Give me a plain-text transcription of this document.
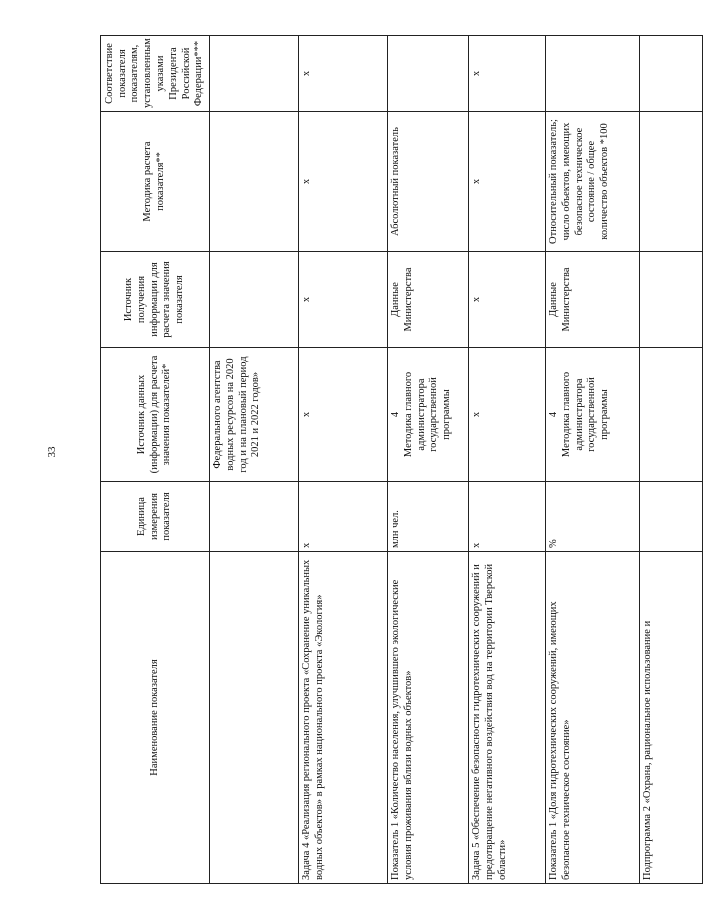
33
Наименование показателя	Единица измерения показателя	Источник данных (информации) для расчета значения показателей*	Источник получения информации для расчета значения показателя	Методика расчета показателя**	Соответствие показателя показателям, установленным указами Президента Российской Федерации***
		Федерального агентства водных ресурсов на 2020 год и на плановый период 2021 и 2022 годов»			
Задача 4 «Реализация регионального проекта «Сохранение уникальных водных объектов» в рамках национального проекта «Экология»	х	х	х	х	х
Показатель 1 «Количество населения, улучшившего экологические условия проживания вблизи водных объектов»	млн чел.	4 Методика главного администратора государственной программы	Данные Министерства	Абсолютный показатель	
Задача 5 «Обеспечение безопасности гидротехнических сооружений и предотвращение негативного воздействия вод на территории Тверской области»	х	х	х	х	х
Показатель 1 «Доля гидротехнических сооружений, имеющих безопасное техническое состояние»	%	4 Методика главного администратора государственной программы	Данные Министерства	Относительный показатель; число объектов, имеющих безопасное техническое состояние / общее количество объектов *100	
Подпрограмма 2 «Охрана, рациональное использование и					
